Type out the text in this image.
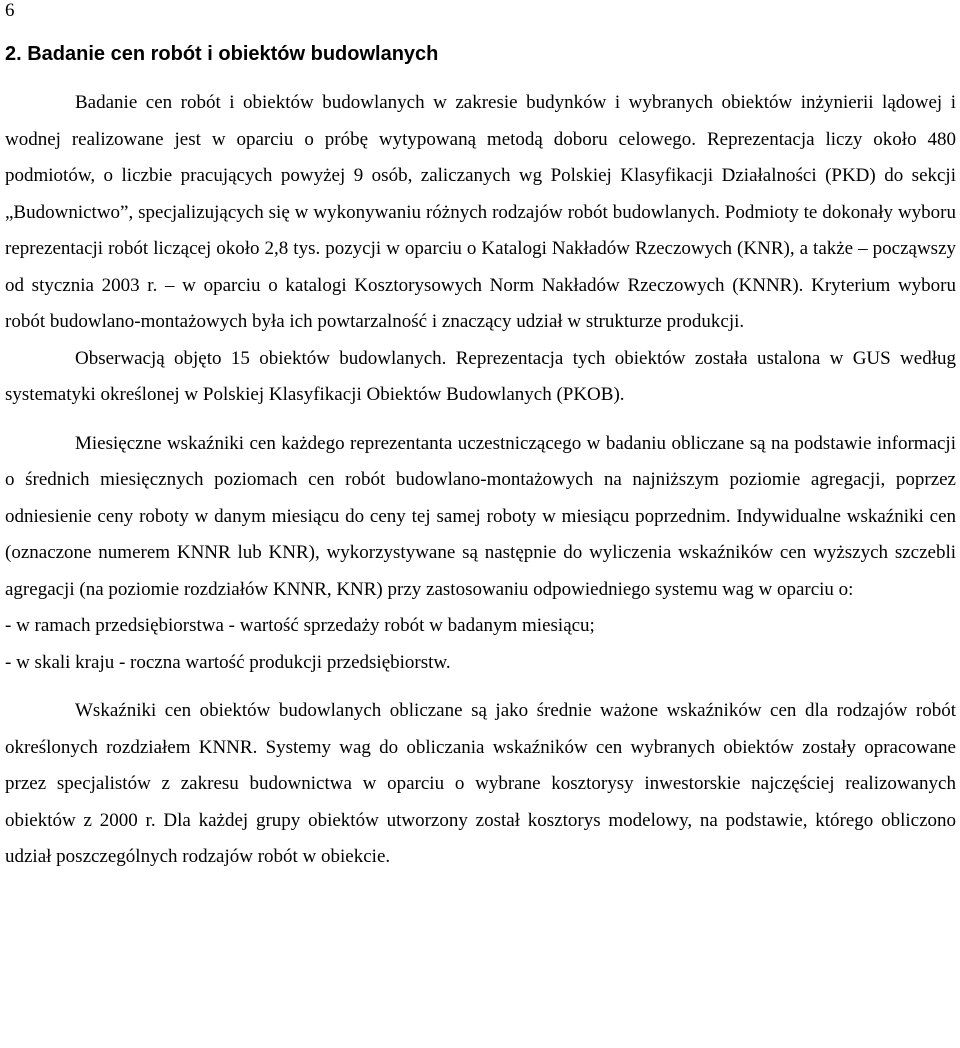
6
2. Badanie cen robót i obiektów budowlanych

Badanie cen robót i obiektów budowlanych w zakresie budynków i wybranych obiektów inżynierii lądowej i wodnej realizowane jest w oparciu o próbę wytypowaną metodą doboru celowego. Reprezentacja liczy około 480 podmiotów, o liczbie pracujących powyżej 9 osób, zaliczanych wg Polskiej Klasyfikacji Działalności (PKD) do sekcji „Budownictwo”, specjalizujących się w wykonywaniu różnych rodzajów robót budowlanych. Podmioty te dokonały wyboru reprezentacji robót liczącej około 2,8 tys. pozycji w oparciu o Katalogi Nakładów Rzeczowych (KNR), a także – począwszy od stycznia 2003 r. – w oparciu o katalogi Kosztorysowych Norm Nakładów Rzeczowych (KNNR). Kryterium wyboru robót budowlano-montażowych była ich powtarzalność i znaczący udział w strukturze produkcji.

Obserwacją objęto 15 obiektów budowlanych. Reprezentacja tych obiektów została ustalona w GUS według systematyki określonej w Polskiej Klasyfikacji Obiektów Budowlanych (PKOB).

Miesięczne wskaźniki cen każdego reprezentanta uczestniczącego w badaniu obliczane są na podstawie informacji o średnich miesięcznych poziomach cen robót budowlano-montażowych na najniższym poziomie agregacji, poprzez odniesienie ceny roboty w danym miesiącu do ceny tej samej roboty w miesiącu poprzednim. Indywidualne wskaźniki cen (oznaczone numerem KNNR lub KNR), wykorzystywane są następnie do wyliczenia wskaźników cen wyższych szczebli agregacji (na poziomie rozdziałów KNNR, KNR) przy zastosowaniu odpowiedniego systemu wag w oparciu o:

- w ramach przedsiębiorstwa - wartość sprzedaży robót w badanym miesiącu;

- w skali kraju - roczna wartość produkcji przedsiębiorstw.

Wskaźniki cen obiektów budowlanych obliczane są jako średnie ważone wskaźników cen dla rodzajów robót określonych rozdziałem KNNR. Systemy wag do obliczania wskaźników cen wybranych obiektów zostały opracowane przez specjalistów z zakresu budownictwa w oparciu o wybrane kosztorysy inwestorskie najczęściej realizowanych obiektów z 2000 r. Dla każdej grupy obiektów utworzony został kosztorys modelowy, na podstawie, którego obliczono udział poszczególnych rodzajów robót w obiekcie.
